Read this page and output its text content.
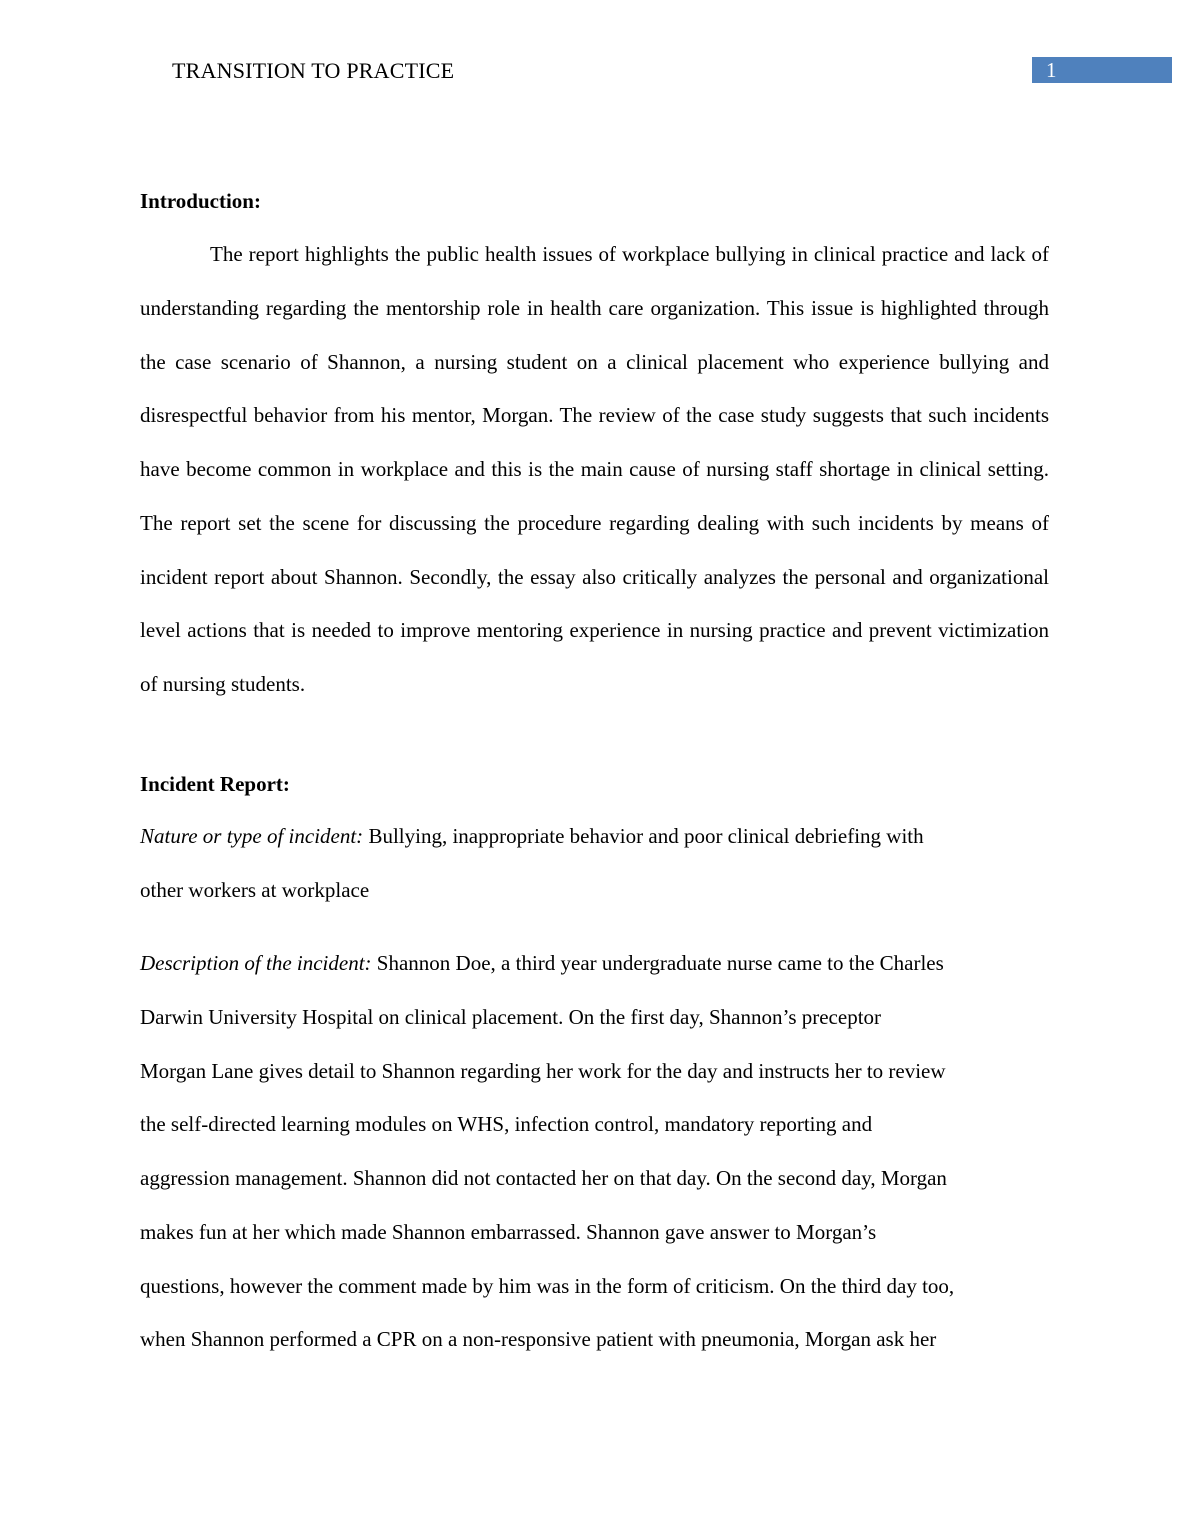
TRANSITION TO PRACTICE	1
Introduction:
The report highlights the public health issues of workplace bullying in clinical practice and lack of understanding regarding the mentorship role in health care organization. This issue is highlighted through the case scenario of Shannon, a nursing student on a clinical placement who experience bullying and disrespectful behavior from his mentor, Morgan. The review of the case study suggests that such incidents have become common in workplace and this is the main cause of nursing staff shortage in clinical setting. The report set the scene for discussing the procedure regarding dealing with such incidents by means of incident report about Shannon. Secondly, the essay also critically analyzes the personal and organizational level actions that is needed to improve mentoring experience in nursing practice and prevent victimization of nursing students.
Incident Report:
Nature or type of incident: Bullying, inappropriate behavior and poor clinical debriefing with
other workers at workplace
Description of the incident: Shannon Doe, a third year undergraduate nurse came to the Charles
Darwin University Hospital on clinical placement. On the first day, Shannon’s preceptor
Morgan Lane gives detail to Shannon regarding her work for the day and instructs her to review
the self-directed learning modules on WHS, infection control, mandatory reporting and
aggression management. Shannon did not contacted her on that day. On the second day, Morgan
makes fun at her which made Shannon embarrassed. Shannon gave answer to Morgan’s
questions, however the comment made by him was in the form of criticism. On the third day too,
when Shannon performed a CPR on a non-responsive patient with pneumonia, Morgan ask her
